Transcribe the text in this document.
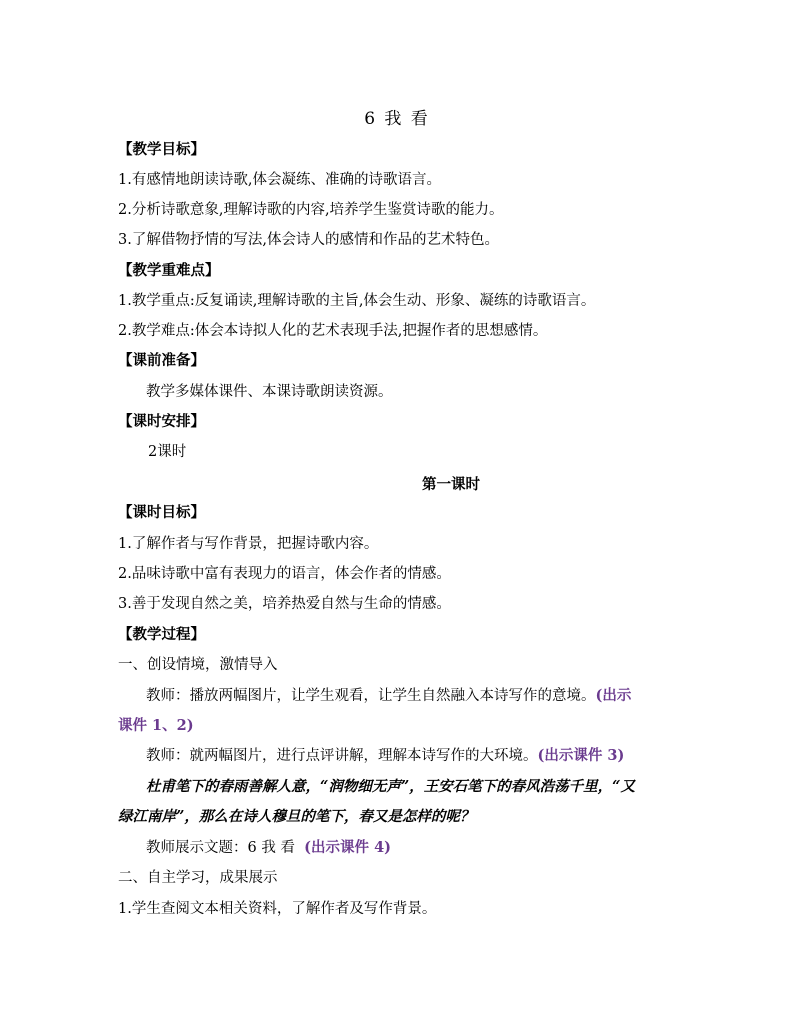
6 我 看
【教学目标】
1.有感情地朗读诗歌,体会凝练、准确的诗歌语言。
2.分析诗歌意象,理解诗歌的内容,培养学生鉴赏诗歌的能力。
3.了解借物抒情的写法,体会诗人的感情和作品的艺术特色。
【教学重难点】
1.教学重点:反复诵读,理解诗歌的主旨,体会生动、形象、凝练的诗歌语言。
2.教学难点:体会本诗拟人化的艺术表现手法,把握作者的思想感情。
【课前准备】
教学多媒体课件、本课诗歌朗读资源。
【课时安排】
2课时
第一课时
【课时目标】
1.了解作者与写作背景，把握诗歌内容。
2.品味诗歌中富有表现力的语言，体会作者的情感。
3.善于发现自然之美，培养热爱自然与生命的情感。
【教学过程】
一、创设情境，激情导入
教师：播放两幅图片，让学生观看，让学生自然融入本诗写作的意境。(出示
课件 1、2)
教师：就两幅图片，进行点评讲解，理解本诗写作的大环境。(出示课件 3)
杜甫笔下的春雨善解人意，“润物细无声”，王安石笔下的春风浩荡千里，“又
绿江南岸”，那么在诗人穆旦的笔下，春又是怎样的呢？
教师展示文题：6 我 看 (出示课件 4)
二、自主学习，成果展示
1.学生查阅文本相关资料，了解作者及写作背景。
